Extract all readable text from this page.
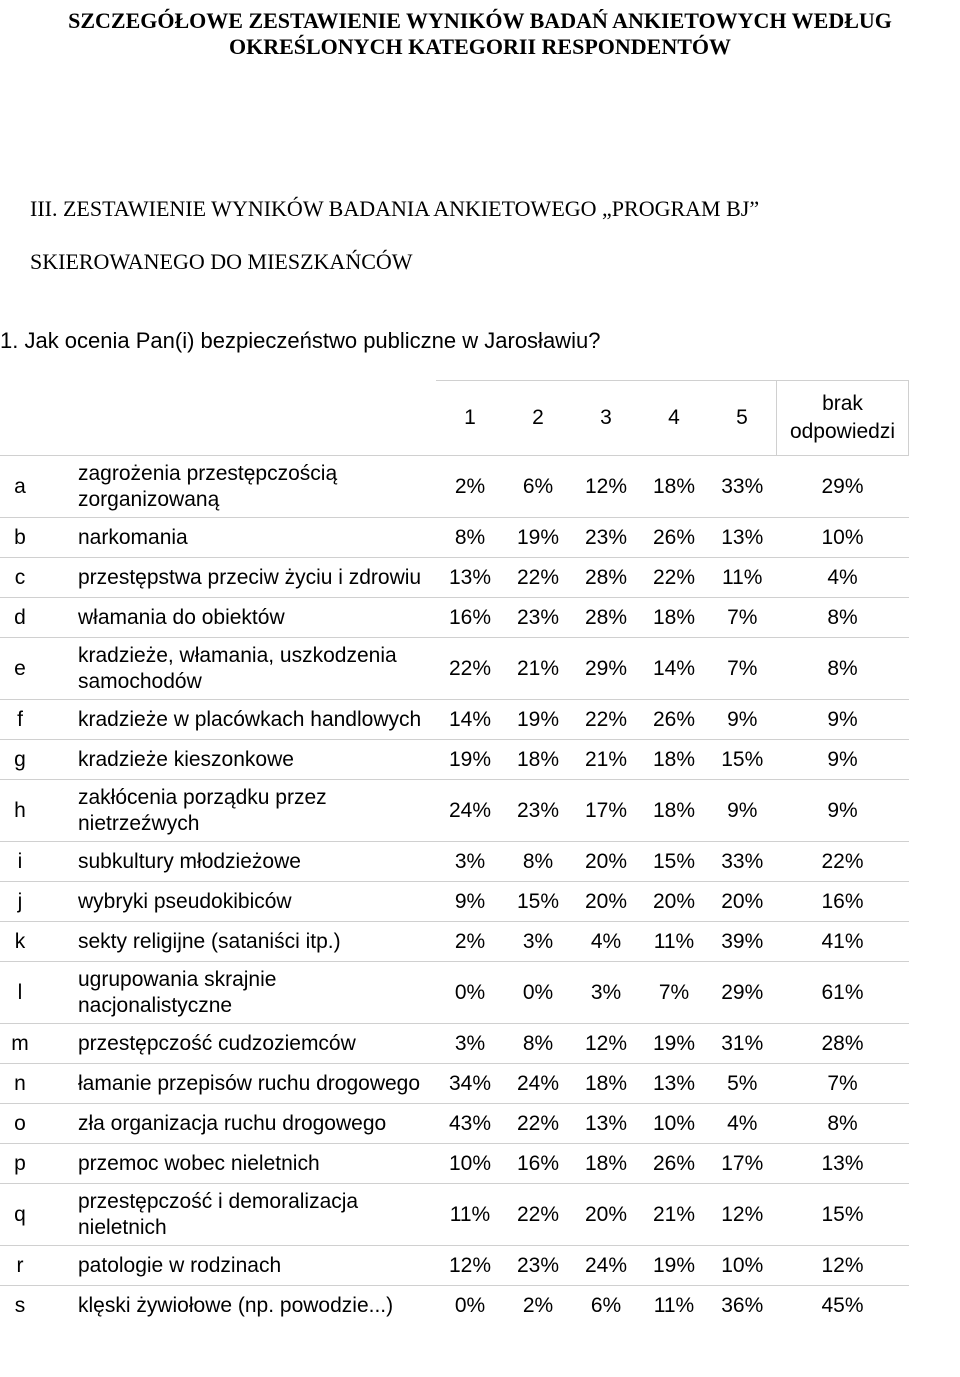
SZCZEGÓŁOWE ZESTAWIENIE WYNIKÓW BADAŃ ANKIETOWYCH WEDŁUG
OKREŚLONYCH KATEGORII RESPONDENTÓW
III. ZESTAWIENIE WYNIKÓW BADANIA ANKIETOWEGO „PROGRAM BJ”
SKIEROWANEGO DO MIESZKAŃCÓW
1. Jak ocenia Pan(i) bezpieczeństwo publiczne w Jarosławiu?
		1	2	3	4	5	brak odpowiedzi
a	zagrożenia przestępczością zorganizowaną	2%	6%	12%	18%	33%	29%
b	narkomania	8%	19%	23%	26%	13%	10%
c	przestępstwa przeciw życiu i zdrowiu	13%	22%	28%	22%	11%	4%
d	włamania do obiektów	16%	23%	28%	18%	7%	8%
e	kradzieże, włamania, uszkodzenia samochodów	22%	21%	29%	14%	7%	8%
f	kradzieże w placówkach handlowych	14%	19%	22%	26%	9%	9%
g	kradzieże kieszonkowe	19%	18%	21%	18%	15%	9%
h	zakłócenia porządku przez nietrzeźwych	24%	23%	17%	18%	9%	9%
i	subkultury młodzieżowe	3%	8%	20%	15%	33%	22%
j	wybryki pseudokibiców	9%	15%	20%	20%	20%	16%
k	sekty religijne (sataniści itp.)	2%	3%	4%	11%	39%	41%
l	ugrupowania skrajnie nacjonalistyczne	0%	0%	3%	7%	29%	61%
m	przestępczość cudzoziemców	3%	8%	12%	19%	31%	28%
n	łamanie przepisów ruchu drogowego	34%	24%	18%	13%	5%	7%
o	zła organizacja ruchu drogowego	43%	22%	13%	10%	4%	8%
p	przemoc wobec nieletnich	10%	16%	18%	26%	17%	13%
q	przestępczość i demoralizacja nieletnich	11%	22%	20%	21%	12%	15%
r	patologie w rodzinach	12%	23%	24%	19%	10%	12%
s	klęski żywiołowe (np. powodzie...)	0%	2%	6%	11%	36%	45%
